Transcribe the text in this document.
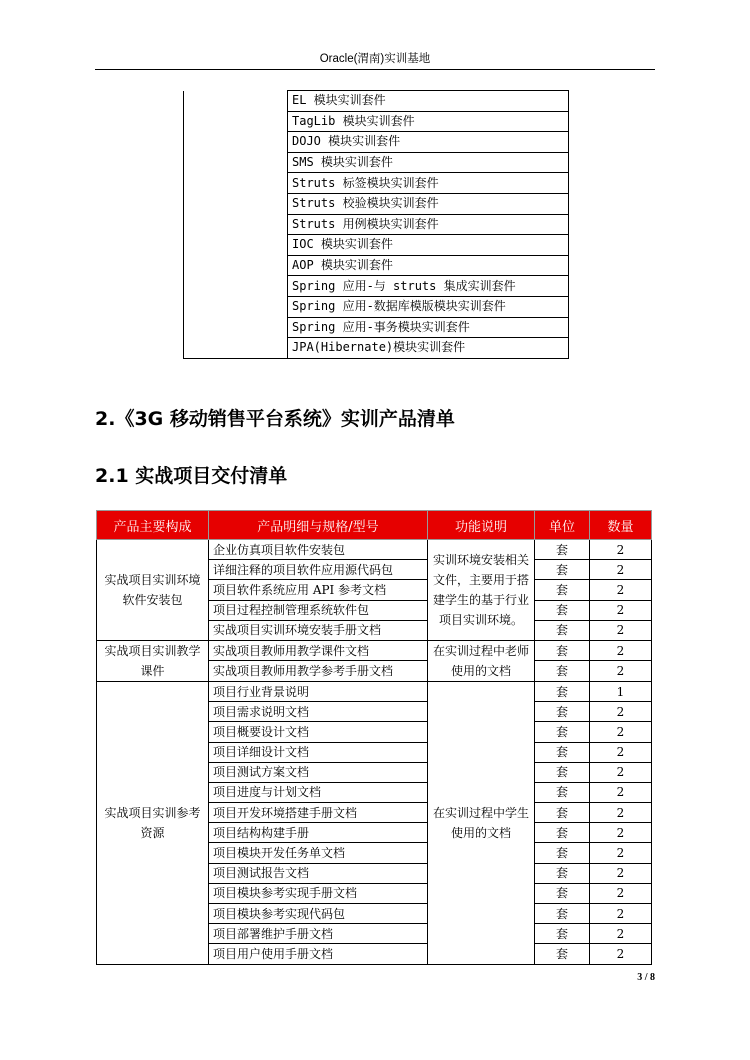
Oracle(渭南)实训基地
	EL 模块实训套件
	TagLib 模块实训套件
	DOJO 模块实训套件
	SMS 模块实训套件
	Struts 标签模块实训套件
	Struts 校验模块实训套件
	Struts 用例模块实训套件
	IOC 模块实训套件
	AOP 模块实训套件
	Spring 应用-与 struts 集成实训套件
	Spring 应用-数据库模版模块实训套件
	Spring 应用-事务模块实训套件
	JPA(Hibernate)模块实训套件
2.《3G 移动销售平台系统》实训产品清单
2.1 实战项目交付清单
产品主要构成	产品明细与规格/型号	功能说明	单位	数量
实战项目实训环境软件安装包	企业仿真项目软件安装包	实训环境安装相关文件，主要用于搭建学生的基于行业项目实训环境。	套	2
	详细注释的项目软件应用源代码包		套	2
	项目软件系统应用 API 参考文档		套	2
	项目过程控制管理系统软件包		套	2
	实战项目实训环境安装手册文档		套	2
实战项目实训教学课件	实战项目教师用教学课件文档	在实训过程中老师使用的文档	套	2
	实战项目教师用教学参考手册文档		套	2
实战项目实训参考资源	项目行业背景说明	在实训过程中学生使用的文档	套	1
	项目需求说明文档		套	2
	项目概要设计文档		套	2
	项目详细设计文档		套	2
	项目测试方案文档		套	2
	项目进度与计划文档		套	2
	项目开发环境搭建手册文档		套	2
	项目结构构建手册		套	2
	项目模块开发任务单文档		套	2
	项目测试报告文档		套	2
	项目模块参考实现手册文档		套	2
	项目模块参考实现代码包		套	2
	项目部署维护手册文档		套	2
	项目用户使用手册文档		套	2
3 / 8
